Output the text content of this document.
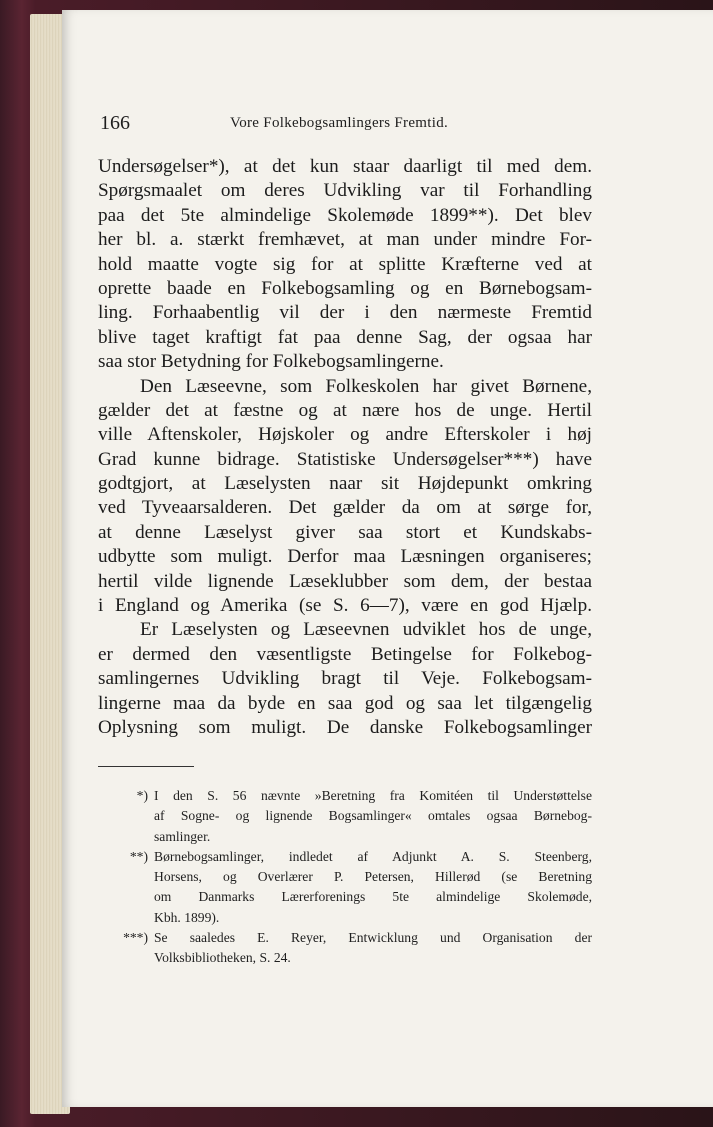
166	Vore Folkebogsamlingers Fremtid.
Undersøgelser*), at det kun staar daarligt til med dem.
Spørgsmaalet om deres Udvikling var til Forhandling
paa det 5te almindelige Skolemøde 1899**). Det blev
her bl. a. stærkt fremhævet, at man under mindre For-
hold maatte vogte sig for at splitte Kræfterne ved at
oprette baade en Folkebogsamling og en Børnebogsam-
ling. Forhaabentlig vil der i den nærmeste Fremtid
blive taget kraftigt fat paa denne Sag, der ogsaa har
saa stor Betydning for Folkebogsamlingerne.
Den Læseevne, som Folkeskolen har givet Børnene,
gælder det at fæstne og at nære hos de unge. Hertil
ville Aftenskoler, Højskoler og andre Efterskoler i høj
Grad kunne bidrage. Statistiske Undersøgelser***) have
godtgjort, at Læselysten naar sit Højdepunkt omkring
ved Tyveaarsalderen. Det gælder da om at sørge for,
at denne Læselyst giver saa stort et Kundskabs-
udbytte som muligt. Derfor maa Læsningen organiseres;
hertil vilde lignende Læseklubber som dem, der bestaa
i England og Amerika (se S. 6—7), være en god Hjælp.
Er Læselysten og Læseevnen udviklet hos de unge,
er dermed den væsentligste Betingelse for Folkebog-
samlingernes Udvikling bragt til Veje. Folkebogsam-
lingerne maa da byde en saa god og saa let tilgængelig
Oplysning som muligt. De danske Folkebogsamlinger
*) I den S. 56 nævnte »Beretning fra Komitéen til Understøttelse
af Sogne- og lignende Bogsamlinger« omtales ogsaa Børnebog-
samlinger.
**) Børnebogsamlinger, indledet af Adjunkt A. S. Steenberg,
Horsens, og Overlærer P. Petersen, Hillerød (se Beretning
om Danmarks Lærerforenings 5te almindelige Skolemøde,
Kbh. 1899).
***) Se saaledes E. Reyer, Entwicklung und Organisation der
Volksbibliotheken, S. 24.
